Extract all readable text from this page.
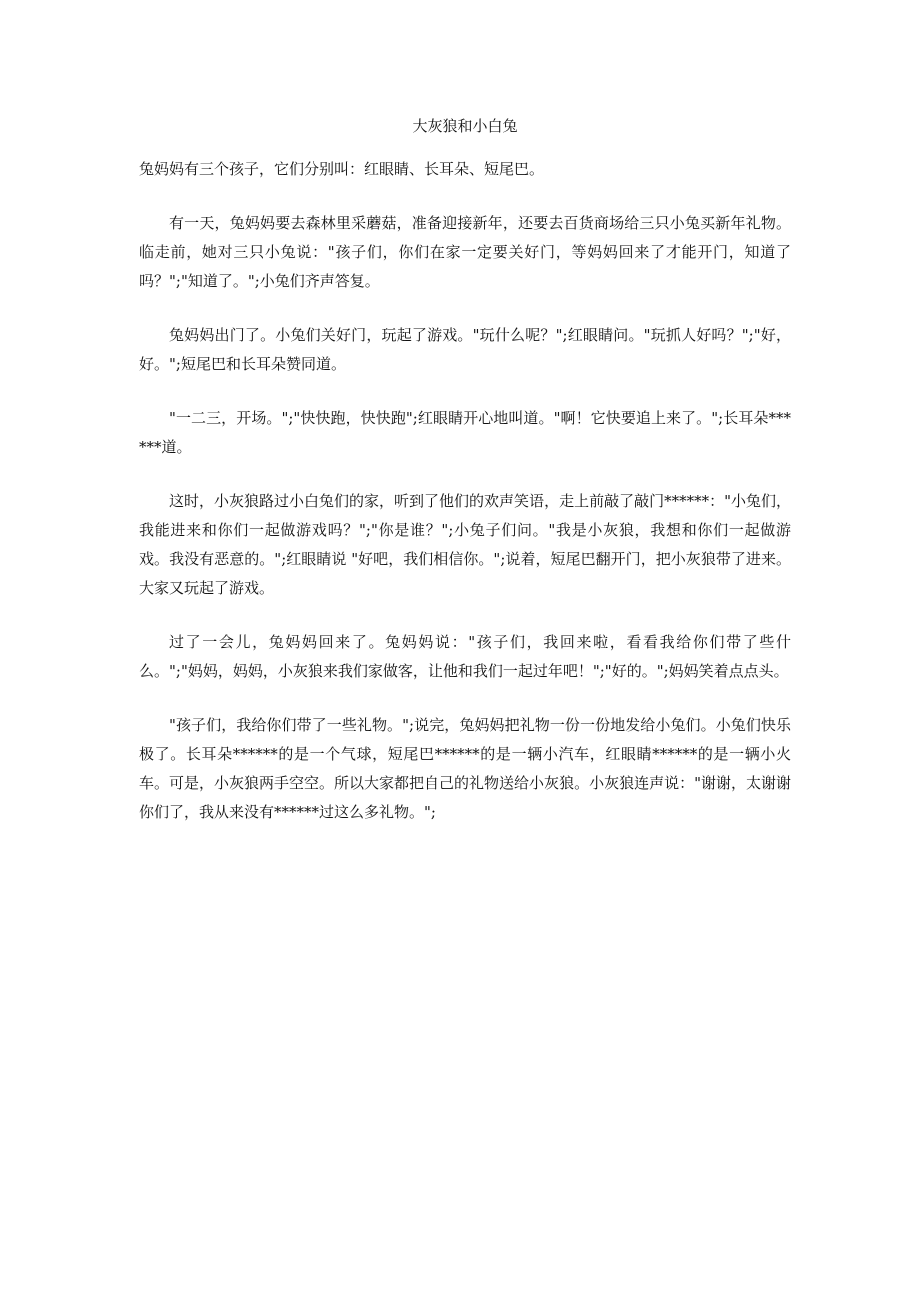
大灰狼和小白兔

兔妈妈有三个孩子，它们分别叫：红眼睛、长耳朵、短尾巴。

有一天，兔妈妈要去森林里采蘑菇，准备迎接新年，还要去百货商场给三只小兔买新年礼物。临走前，她对三只小兔说："孩子们，你们在家一定要关好门，等妈妈回来了才能开门，知道了吗？";"知道了。";小兔们齐声答复。

兔妈妈出门了。小兔们关好门，玩起了游戏。"玩什么呢？";红眼睛问。"玩抓人好吗？";"好，好。";短尾巴和长耳朵赞同道。

"一二三，开场。";"快快跑，快快跑";红眼睛开心地叫道。"啊！它快要追上来了。";长耳朵******道。

这时，小灰狼路过小白兔们的家，听到了他们的欢声笑语，走上前敲了敲门******："小兔们，我能进来和你们一起做游戏吗？";"你是谁？";小兔子们问。"我是小灰狼，我想和你们一起做游戏。我没有恶意的。";红眼睛说 "好吧，我们相信你。";说着，短尾巴翻开门，把小灰狼带了进来。大家又玩起了游戏。

过了一会儿，兔妈妈回来了。兔妈妈说："孩子们，我回来啦，看看我给你们带了些什么。";"妈妈，妈妈，小灰狼来我们家做客，让他和我们一起过年吧！";"好的。";妈妈笑着点点头。

"孩子们，我给你们带了一些礼物。";说完，兔妈妈把礼物一份一份地发给小兔们。小兔们快乐极了。长耳朵******的是一个气球，短尾巴******的是一辆小汽车，红眼睛******的是一辆小火车。可是，小灰狼两手空空。所以大家都把自己的礼物送给小灰狼。小灰狼连声说："谢谢，太谢谢你们了，我从来没有******过这么多礼物。";
